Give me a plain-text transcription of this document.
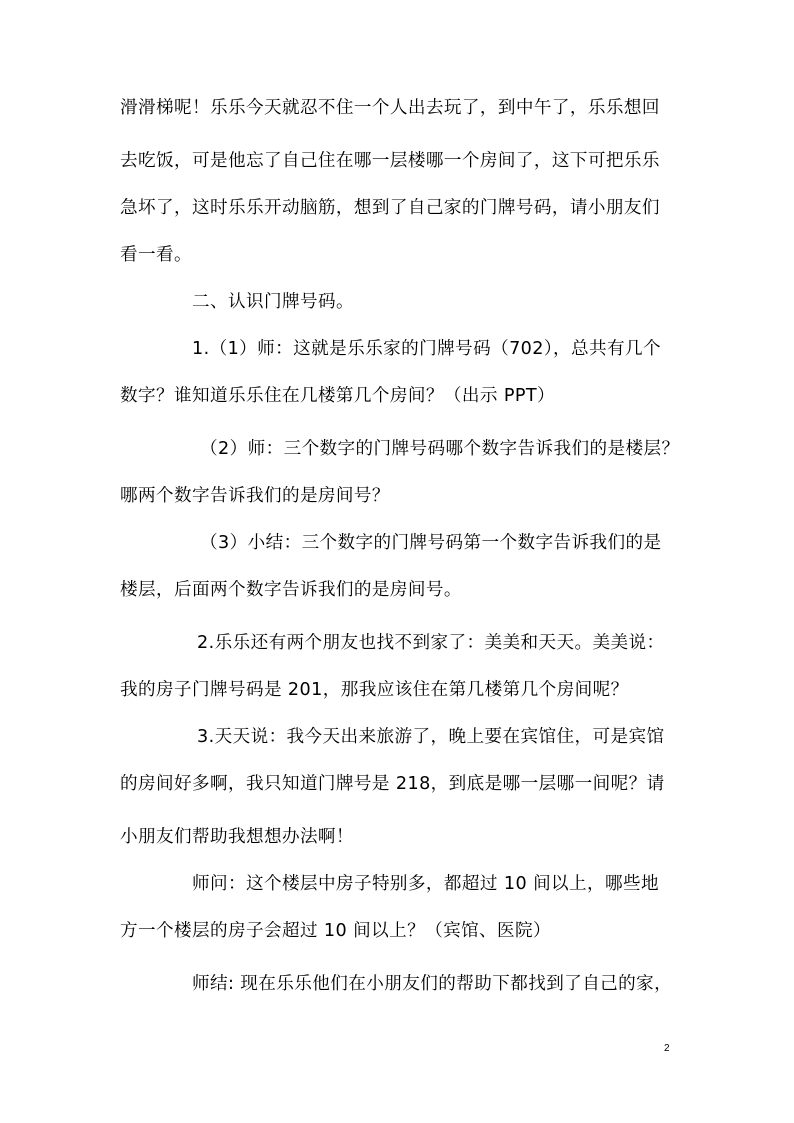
滑滑梯呢！乐乐今天就忍不住一个人出去玩了，到中午了，乐乐想回
去吃饭，可是他忘了自己住在哪一层楼哪一个房间了，这下可把乐乐
急坏了，这时乐乐开动脑筋，想到了自己家的门牌号码，请小朋友们
看一看。
二、认识门牌号码。
1.（1）师：这就是乐乐家的门牌号码（702），总共有几个
数字？谁知道乐乐住在几楼第几个房间？（出示 PPT）
（2）师：三个数字的门牌号码哪个数字告诉我们的是楼层？
哪两个数字告诉我们的是房间号？
（3）小结：三个数字的门牌号码第一个数字告诉我们的是
楼层，后面两个数字告诉我们的是房间号。
2.乐乐还有两个朋友也找不到家了：美美和天天。美美说：
我的房子门牌号码是 201，那我应该住在第几楼第几个房间呢？
3.天天说：我今天出来旅游了，晚上要在宾馆住，可是宾馆
的房间好多啊，我只知道门牌号是 218，到底是哪一层哪一间呢？请
小朋友们帮助我想想办法啊！
师问：这个楼层中房子特别多，都超过 10 间以上，哪些地
方一个楼层的房子会超过 10 间以上？（宾馆、医院）
师结: 现在乐乐他们在小朋友们的帮助下都找到了自己的家，
2
